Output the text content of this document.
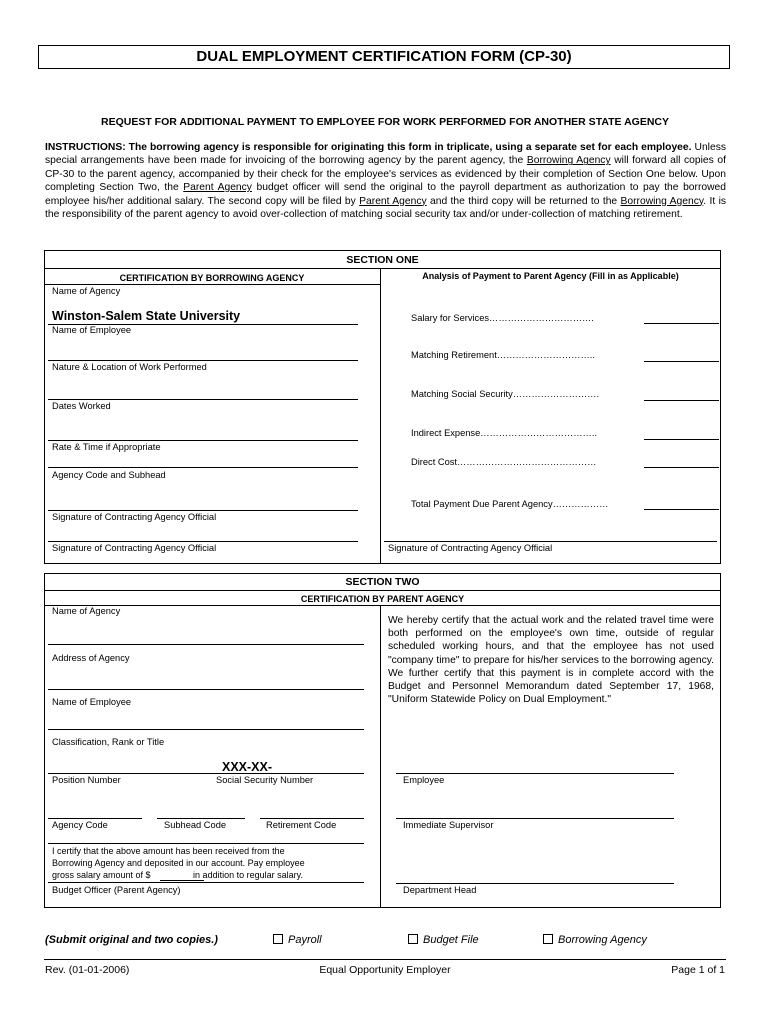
DUAL EMPLOYMENT CERTIFICATION FORM (CP-30)
REQUEST FOR ADDITIONAL PAYMENT TO EMPLOYEE FOR WORK PERFORMED FOR ANOTHER STATE AGENCY
INSTRUCTIONS: The borrowing agency is responsible for originating this form in triplicate, using a separate set for each employee. Unless special arrangements have been made for invoicing of the borrowing agency by the parent agency, the Borrowing Agency will forward all copies of CP-30 to the parent agency, accompanied by their check for the employee's services as evidenced by their completion of Section One below. Upon completing Section Two, the Parent Agency budget officer will send the original to the payroll department as authorization to pay the borrowed employee his/her additional salary. The second copy will be filed by Parent Agency and the third copy will be returned to the Borrowing Agency. It is the responsibility of the parent agency to avoid over-collection of matching social security tax and/or under-collection of matching retirement.
SECTION ONE
CERTIFICATION BY BORROWING AGENCY	Analysis of Payment to Parent Agency (Fill in as Applicable)
Name of Agency
Winston-Salem State University
Name of Employee
Nature & Location of Work Performed
Dates Worked
Rate & Time if Appropriate
Agency Code and Subhead
Signature of Contracting Agency Official
Signature of Contracting Agency Official	Signature of Contracting Agency Official
Salary for Services…………………………….
Matching Retirement…………………………..
Matching Social Security……………………….
Indirect Expense………………………………..
Direct Cost………………………………………
Total Payment Due Parent Agency………………
SECTION TWO
CERTIFICATION BY PARENT AGENCY
Name of Agency
Address of Agency
Name of Employee
Classification, Rank or Title
XXX-XX-
Position Number	Social Security Number
Agency Code	Subhead Code	Retirement Code
I certify that the above amount has been received from the
Borrowing Agency and deposited in our account. Pay employee
gross salary amount of $                 in addition to regular salary.
Budget Officer (Parent Agency)
We hereby certify that the actual work and the related travel time were both performed on the employee's own time, outside of regular scheduled working hours, and that the employee has not used "company time" to prepare for his/her services to the borrowing agency. We further certify that this payment is in complete accord with the Budget and Personnel Memorandum dated September 17, 1968, "Uniform Statewide Policy on Dual Employment."
Employee
Immediate Supervisor
Department Head
(Submit original and two copies.)	Payroll	Budget File	Borrowing Agency
Rev. (01-01-2006)	Equal Opportunity Employer	Page 1 of 1
